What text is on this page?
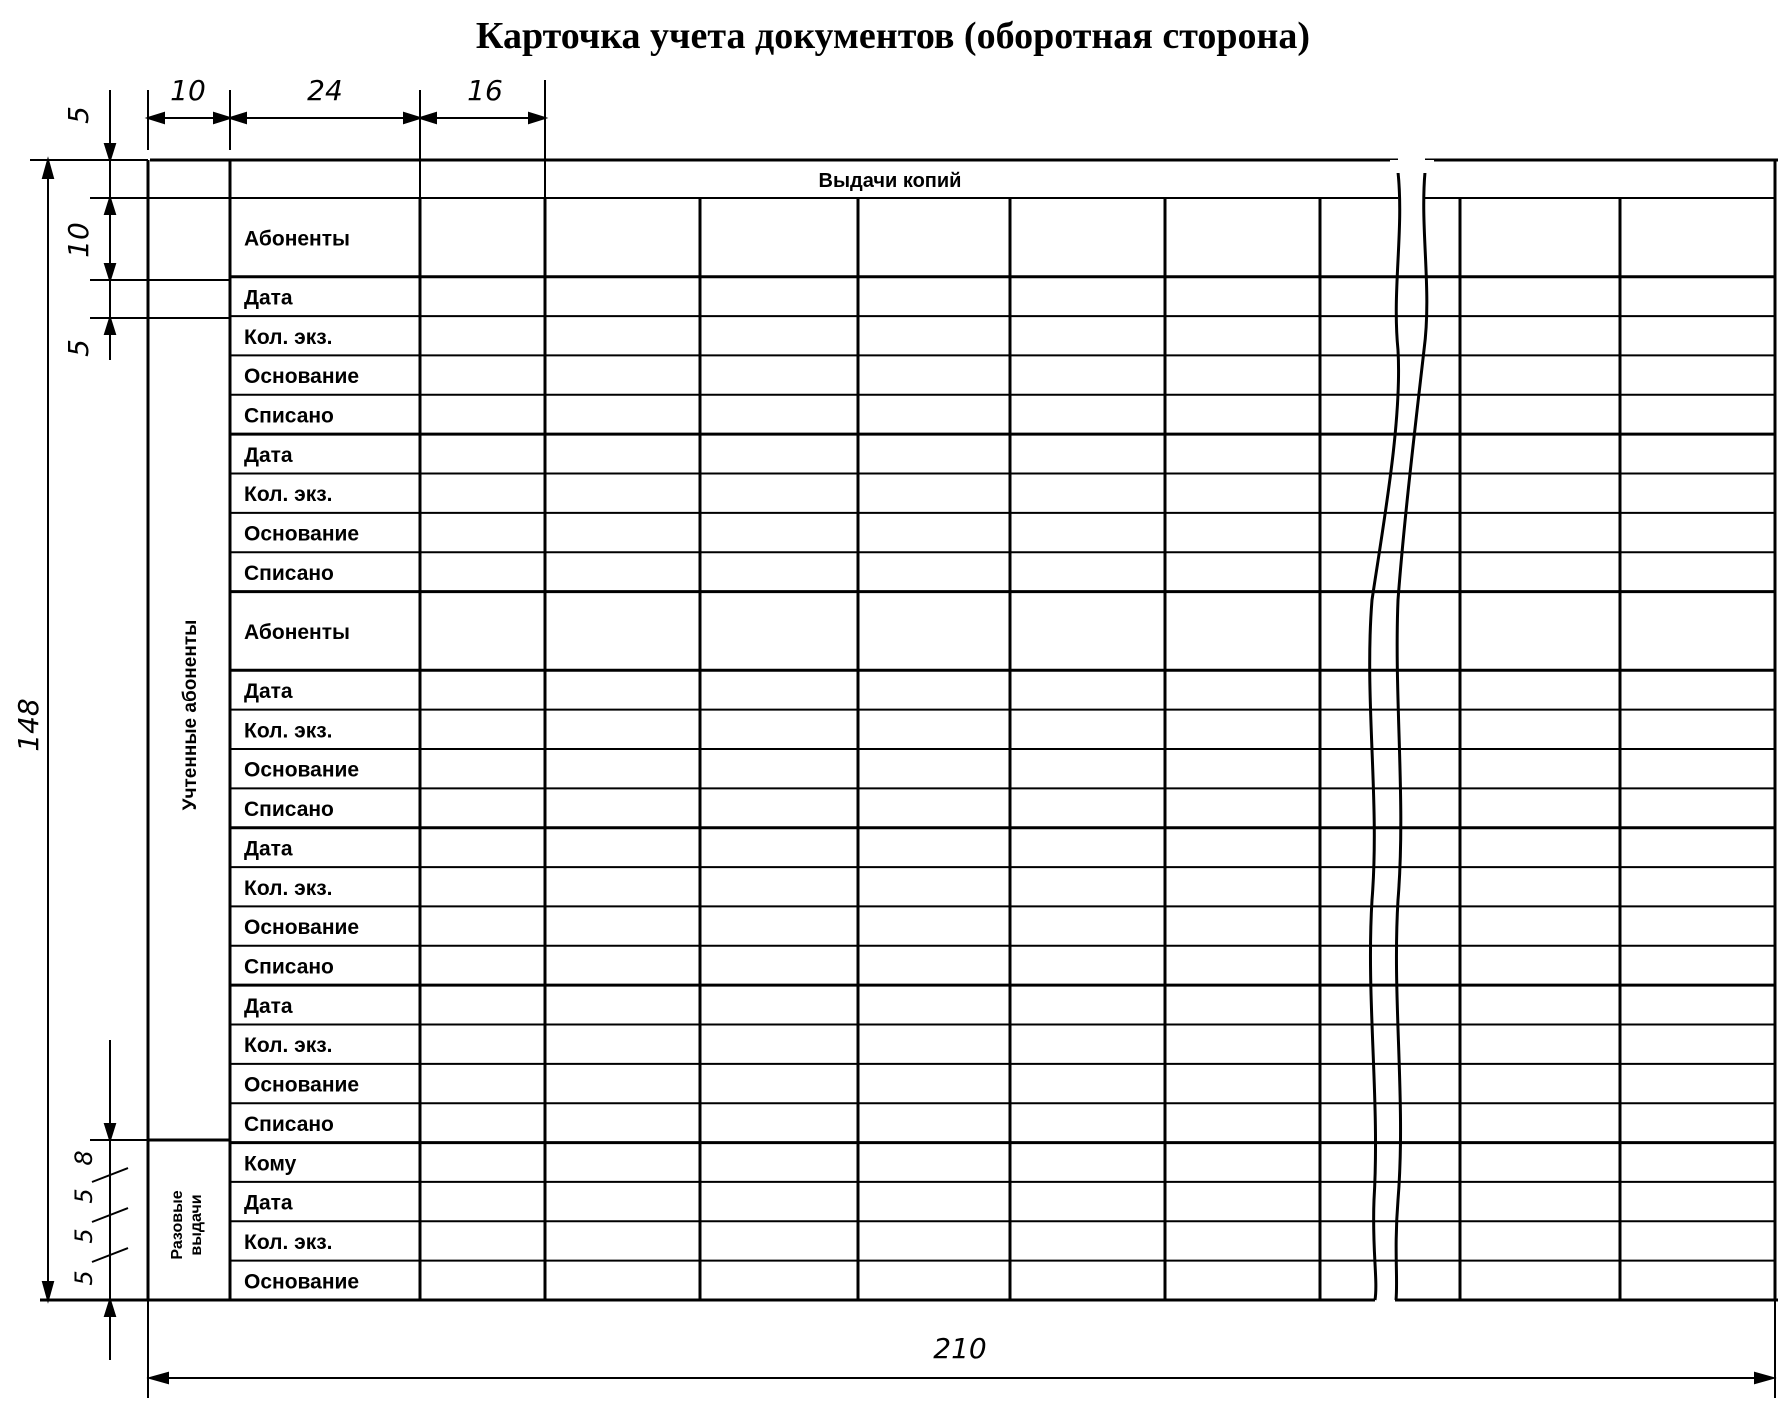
Карточка учета документов (оборотная сторона)
Выдачи копий
Абоненты
Дата
Кол. экз.
Основание
Списано
Дата
Кол. экз.
Основание
Списано
Абоненты
Дата
Кол. экз.
Основание
Списано
Дата
Кол. экз.
Основание
Списано
Дата
Кол. экз.
Основание
Списано
Кому
Дата
Кол. экз.
Основание
Учтенные абоненты
Разовые выдачи
10	24	16
5
10
5
148
8
5
5
5
210
